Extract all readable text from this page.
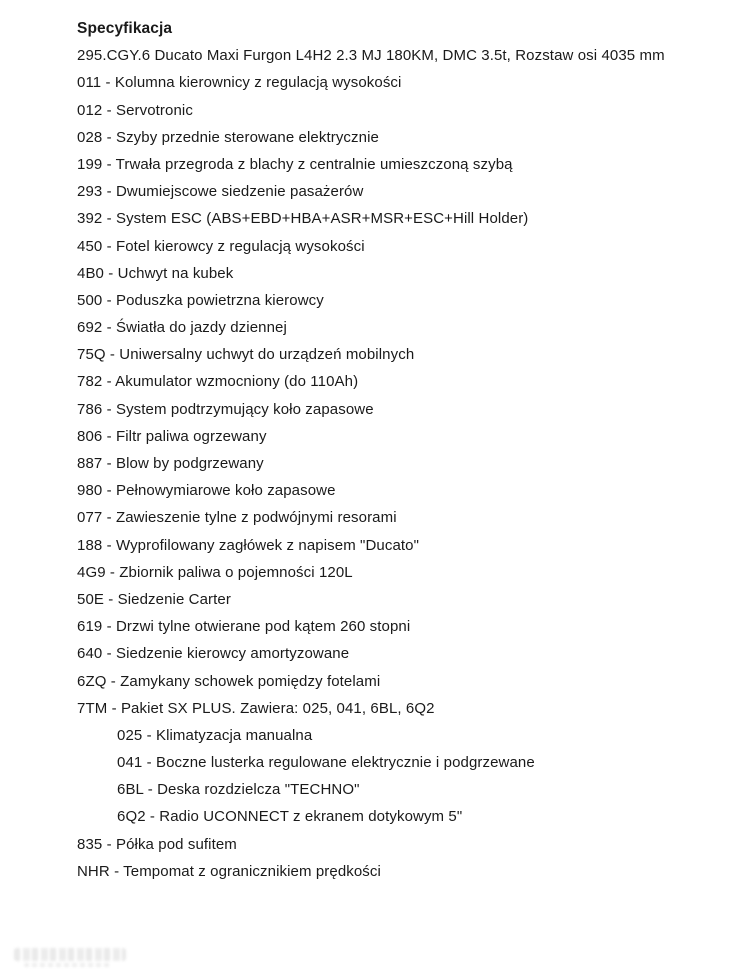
Specyfikacja

295.CGY.6 Ducato Maxi Furgon L4H2 2.3 MJ 180KM, DMC 3.5t, Rozstaw osi 4035 mm

011 - Kolumna kierownicy z regulacją wysokości
012 - Servotronic
028 - Szyby przednie sterowane elektrycznie
199 - Trwała przegroda z blachy z centralnie umieszczoną szybą
293 - Dwumiejscowe siedzenie pasażerów
392 - System ESC (ABS+EBD+HBA+ASR+MSR+ESC+Hill Holder)
450 - Fotel kierowcy z regulacją wysokości
4B0 - Uchwyt na kubek
500 - Poduszka powietrzna kierowcy
692 - Światła do jazdy dziennej
75Q - Uniwersalny uchwyt do urządzeń mobilnych
782 - Akumulator wzmocniony (do 110Ah)
786 - System podtrzymujący koło zapasowe
806 - Filtr paliwa ogrzewany
887 - Blow by podgrzewany
980 - Pełnowymiarowe koło zapasowe
077 - Zawieszenie tylne z podwójnymi resorami
188 - Wyprofilowany zagłówek z napisem "Ducato"
4G9 - Zbiornik paliwa o pojemności 120L
50E - Siedzenie Carter
619 - Drzwi tylne otwierane pod kątem 260 stopni
640 - Siedzenie kierowcy amortyzowane
6ZQ - Zamykany schowek pomiędzy fotelami
7TM - Pakiet SX PLUS. Zawiera: 025, 041, 6BL, 6Q2
025 - Klimatyzacja manualna
041 - Boczne lusterka regulowane elektrycznie i podgrzewane
6BL - Deska rozdzielcza "TECHNO"
6Q2 - Radio UCONNECT z ekranem dotykowym 5"
835 - Półka pod sufitem
NHR - Tempomat z ogranicznikiem prędkości
